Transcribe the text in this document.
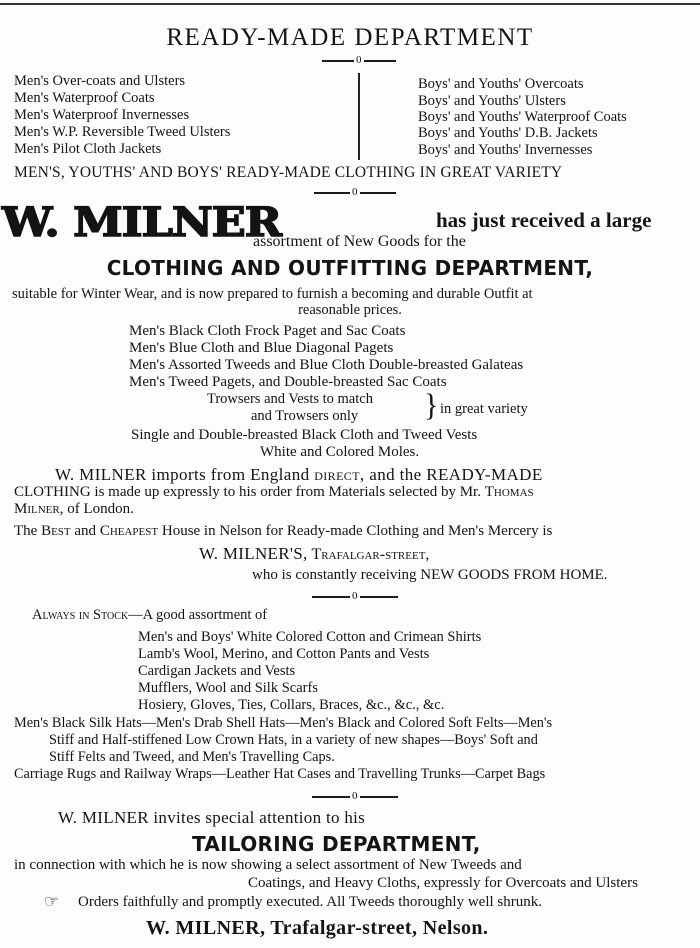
READY-MADE DEPARTMENT
0
Men's Over-coats and Ulsters
Men's Waterproof Coats
Men's Waterproof Invernesses
Men's W.P. Reversible Tweed Ulsters
Men's Pilot Cloth Jackets
Boys' and Youths' Overcoats
Boys' and Youths' Ulsters
Boys' and Youths' Waterproof Coats
Boys' and Youths' D.B. Jackets
Boys' and Youths' Invernesses
MEN'S, YOUTHS' AND BOYS' READY-MADE CLOTHING IN GREAT VARIETY
0
W. MILNER	has just received a large
assortment of New Goods for the
CLOTHING AND OUTFITTING DEPARTMENT,
suitable for Winter Wear, and is now prepared to furnish a becoming and durable Outfit at
reasonable prices.
Men's Black Cloth Frock Paget and Sac Coats
Men's Blue Cloth and Blue Diagonal Pagets
Men's Assorted Tweeds and Blue Cloth Double-breasted Galateas
Men's Tweed Pagets, and Double-breasted Sac Coats
Trowsers and Vests to match
and Trowsers only } in great variety
Single and Double-breasted Black Cloth and Tweed Vests
White and Colored Moles.
W. MILNER imports from England direct, and the READY-MADE
CLOTHING is made up expressly to his order from Materials selected by Mr. Thomas
Milner, of London.
The Best and Cheapest House in Nelson for Ready-made Clothing and Men's Mercery is
W. MILNER'S, Trafalgar-street,
who is constantly receiving NEW GOODS FROM HOME.
0
Always in Stock—A good assortment of
Men's and Boys' White Colored Cotton and Crimean Shirts
Lamb's Wool, Merino, and Cotton Pants and Vests
Cardigan Jackets and Vests
Mufflers, Wool and Silk Scarfs
Hosiery, Gloves, Ties, Collars, Braces, &c., &c., &c.
Men's Black Silk Hats—Men's Drab Shell Hats—Men's Black and Colored Soft Felts—Men's
Stiff and Half-stiffened Low Crown Hats, in a variety of new shapes—Boys' Soft and
Stiff Felts and Tweed, and Men's Travelling Caps.
Carriage Rugs and Railway Wraps—Leather Hat Cases and Travelling Trunks—Carpet Bags
0
W. MILNER invites special attention to his
TAILORING DEPARTMENT,
in connection with which he is now showing a select assortment of New Tweeds and
Coatings, and Heavy Cloths, expressly for Overcoats and Ulsters
☞ Orders faithfully and promptly executed. All Tweeds thoroughly well shrunk.
W. MILNER, Trafalgar-street, Nelson.
